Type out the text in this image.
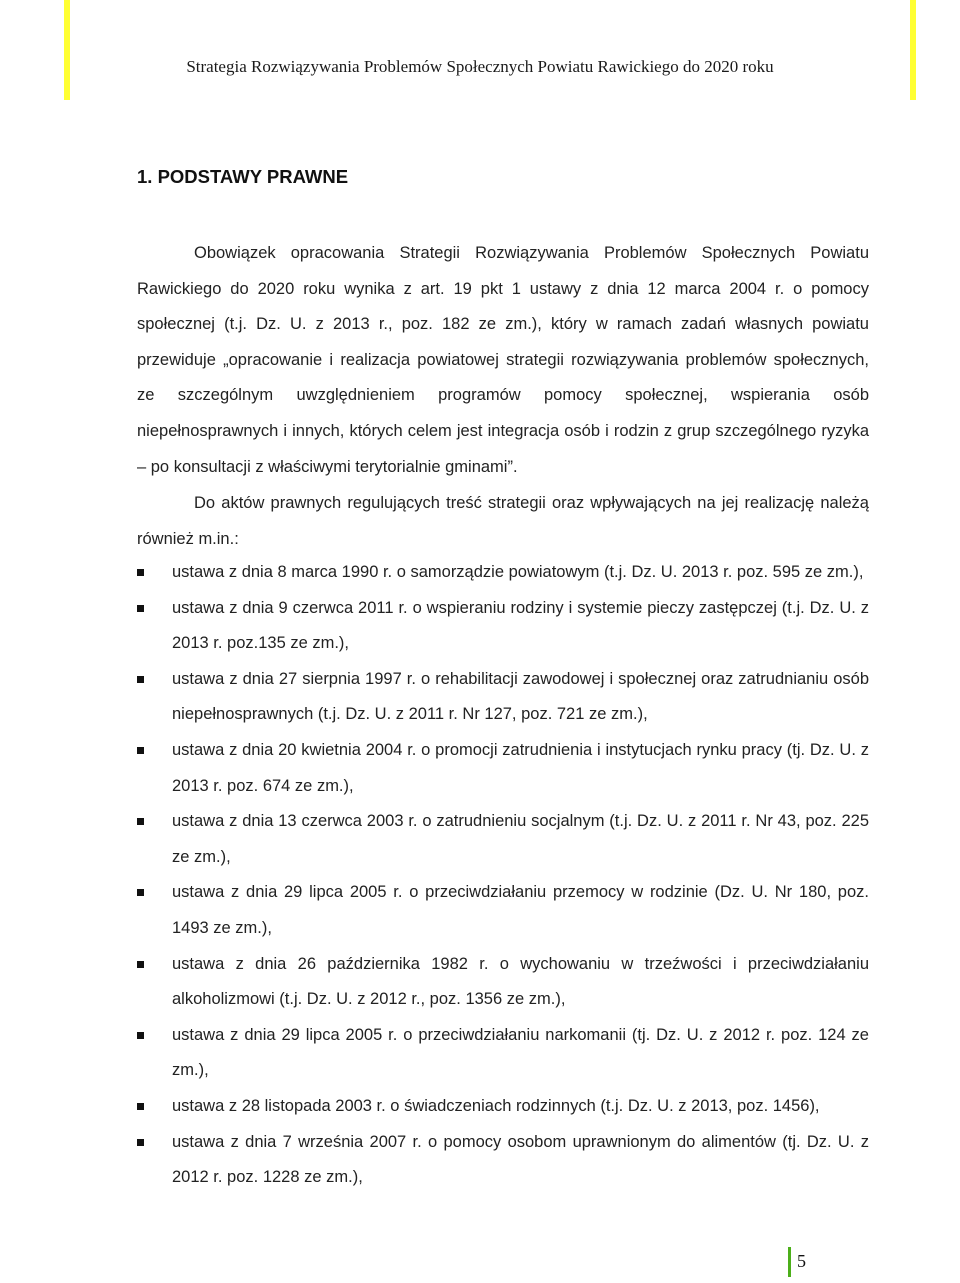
Strategia Rozwiązywania Problemów Społecznych Powiatu Rawickiego do 2020 roku
1. PODSTAWY PRAWNE
Obowiązek opracowania Strategii Rozwiązywania Problemów Społecznych Powiatu Rawickiego do 2020 roku wynika z art. 19 pkt 1 ustawy z dnia 12 marca 2004 r. o pomocy społecznej (t.j. Dz. U. z 2013 r., poz. 182 ze zm.), który w ramach zadań własnych powiatu przewiduje „opracowanie i realizacja powiatowej strategii rozwiązywania problemów społecznych, ze szczególnym uwzględnieniem programów pomocy społecznej, wspierania osób niepełnosprawnych i innych, których celem jest integracja osób i rodzin z grup szczególnego ryzyka – po konsultacji z właściwymi terytorialnie gminami”.
Do aktów prawnych regulujących treść strategii oraz wpływających na jej realizację należą również m.in.:
ustawa z dnia 8 marca 1990 r. o samorządzie powiatowym (t.j. Dz. U. 2013 r. poz. 595 ze zm.),
ustawa z dnia 9 czerwca 2011 r. o wspieraniu rodziny i systemie pieczy zastępczej (t.j. Dz. U. z 2013 r. poz.135 ze zm.),
ustawa z dnia 27 sierpnia 1997 r. o rehabilitacji zawodowej i społecznej oraz zatrudnianiu osób niepełnosprawnych (t.j. Dz. U. z 2011 r. Nr 127, poz. 721 ze zm.),
ustawa z dnia 20 kwietnia 2004 r. o promocji zatrudnienia i instytucjach rynku pracy (tj. Dz. U. z 2013 r. poz. 674 ze zm.),
ustawa z dnia 13 czerwca 2003 r. o zatrudnieniu socjalnym (t.j. Dz. U. z 2011 r. Nr 43, poz. 225 ze zm.),
ustawa z dnia 29 lipca 2005 r. o przeciwdziałaniu przemocy w rodzinie (Dz. U. Nr 180, poz. 1493 ze zm.),
ustawa z dnia 26 października 1982 r. o wychowaniu w trzeźwości i przeciwdziałaniu alkoholizmowi (t.j. Dz. U. z 2012 r., poz. 1356 ze zm.),
ustawa z dnia 29 lipca 2005 r. o przeciwdziałaniu narkomanii (tj. Dz. U. z 2012 r. poz. 124 ze zm.),
ustawa z 28 listopada 2003 r. o świadczeniach rodzinnych (t.j. Dz. U. z 2013, poz. 1456),
ustawa z dnia 7 września 2007 r. o pomocy osobom uprawnionym do alimentów (tj. Dz. U. z 2012 r. poz. 1228 ze zm.),
5
